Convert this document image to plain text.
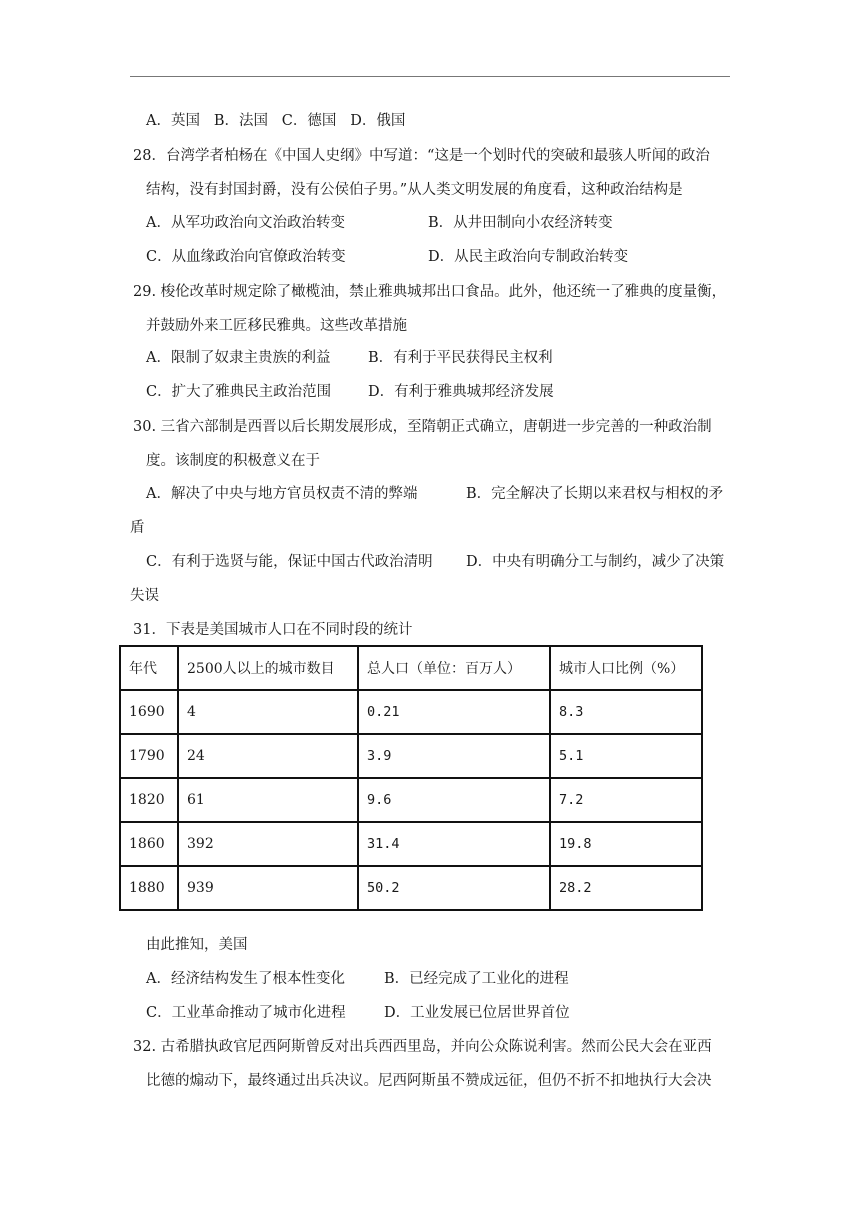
A．英国 B．法国 C．德国 D．俄国
28．台湾学者柏杨在《中国人史纲》中写道：“这是一个划时代的突破和最骇人听闻的政治
结构，没有封国封爵，没有公侯伯子男。”从人类文明发展的角度看，这种政治结构是
A．从军功政治向文治政治转变	B．从井田制向小农经济转变
C．从血缘政治向官僚政治转变	D．从民主政治向专制政治转变
29. 梭伦改革时规定除了橄榄油，禁止雅典城邦出口食品。此外，他还统一了雅典的度量衡，
并鼓励外来工匠移民雅典。这些改革措施
A．限制了奴隶主贵族的利益	B．有利于平民获得民主权利
C．扩大了雅典民主政治范围	D．有利于雅典城邦经济发展
30. 三省六部制是西晋以后长期发展形成，至隋朝正式确立，唐朝进一步完善的一种政治制
度。该制度的积极意义在于
A．解决了中央与地方官员权责不清的弊端	B．完全解决了长期以来君权与相权的矛
盾
C．有利于选贤与能，保证中国古代政治清明 D．中央有明确分工与制约，减少了决策
失误
31．下表是美国城市人口在不同时段的统计
年代	2500人以上的城市数目	总人口（单位：百万人）	城市人口比例（%）
1690	4	0.21	8.3
1790	24	3.9	5.1
1820	61	9.6	7.2
1860	392	31.4	19.8
1880	939	50.2	28.2
由此推知，美国
A．经济结构发生了根本性变化	B．已经完成了工业化的进程
C．工业革命推动了城市化进程	D．工业发展已位居世界首位
32. 古希腊执政官尼西阿斯曾反对出兵西西里岛，并向公众陈说利害。然而公民大会在亚西
比德的煽动下，最终通过出兵决议。尼西阿斯虽不赞成远征，但仍不折不扣地执行大会决
